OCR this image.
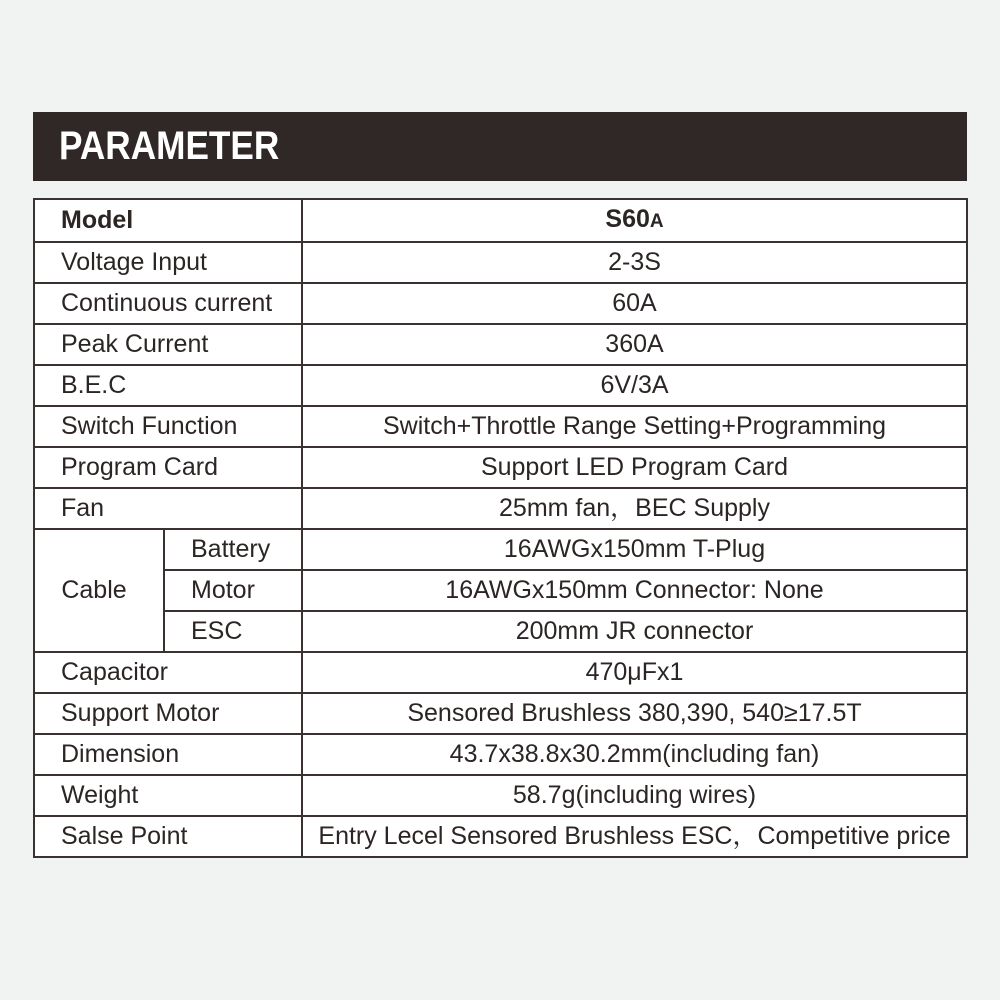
PARAMETER
Model		S60A
Voltage Input		2-3S
Continuous current		60A
Peak Current		360A
B.E.C		6V/3A
Switch Function		Switch+Throttle Range Setting+Programming
Program Card		Support LED Program Card
Fan		25mm fan，BEC Supply
Cable	Battery	16AWGx150mm T-Plug
	Motor	16AWGx150mm Connector: None
	ESC	200mm JR connector
Capacitor		470μFx1
Support Motor		Sensored Brushless 380,390, 540≥17.5T
Dimension		43.7x38.8x30.2mm(including fan)
Weight		58.7g(including wires)
Salse Point		Entry Lecel Sensored Brushless ESC，Competitive price
